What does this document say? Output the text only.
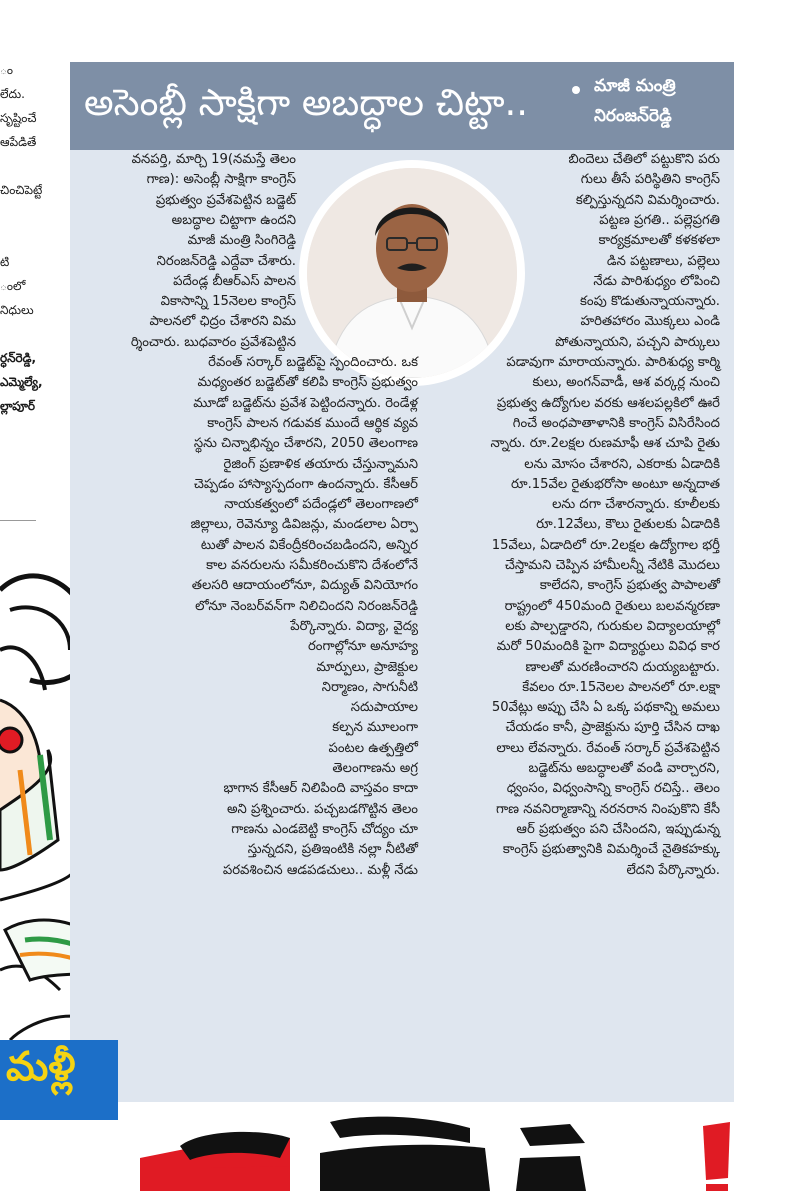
ం
లేదు.
సృష్టించే
ఆపేడితే
చించిపెట్టే
టి
ంలో
నిధులు
ర్ధన్‌రెడ్డి,
ఎమ్మెల్యే,
ల్లాపూర్
అసెంబ్లీ సాక్షిగా అబద్ధాల చిట్టా..	మాజీ మంత్రి
నిరంజన్‌రెడ్డి
వనపర్తి, మార్చి 19(నమస్తే తెలం
గాణ): అసెంబ్లీ సాక్షిగా కాంగ్రెస్
ప్రభుత్వం ప్రవేశపెట్టిన బడ్జెట్
అబద్ధాల చిట్టాగా ఉందని
మాజీ మంత్రి సింగిరెడ్డి
నిరంజన్‌రెడ్డి ఎద్దేవా చేశారు.
పదేండ్ల బీఆర్‌ఎస్ పాలన
వికాసాన్ని 15నెలల కాంగ్రెస్
పాలనలో ఛిద్రం చేశారని విమ
ర్శించారు. బుధవారం ప్రవేశపెట్టిన
రేవంత్ సర్కార్ బడ్జెట్‌పై స్పందించారు. ఒక
మధ్యంతర బడ్జెట్‌తో కలిపి కాంగ్రెస్ ప్రభుత్వం
మూడో బడ్జెట్‌ను ప్రవేశ పెట్టిందన్నారు. రెండేళ్ల
కాంగ్రెస్ పాలన గడువక ముందే ఆర్థిక వ్యవ
స్థను చిన్నాభిన్నం చేశారని, 2050 తెలంగాణ
రైజింగ్ ప్రణాళిక తయారు చేస్తున్నామని
చెప్పడం హాస్యాస్పదంగా ఉందన్నారు. కేసీఆర్
నాయకత్వంలో పదేండ్లలో తెలంగాణలో
జిల్లాలు, రెవెన్యూ డివిజన్లు, మండలాల ఏర్పా
టుతో పాలన వికేంద్రీకరించబడిందని, అన్నిర
కాల వనరులను సమీకరించుకొని దేశంలోనే
తలసరి ఆదాయంలోనూ, విద్యుత్ వినియోగం
లోనూ నెంబర్‌వన్‌గా నిలిచిందని నిరంజన్‌రెడ్డి
పేర్కొన్నారు. విద్యా, వైద్య
రంగాల్లోనూ అనూహ్య
మార్పులు, ప్రాజెక్టుల
నిర్మాణం, సాగునీటి
సదుపాయాల
కల్పన మూలంగా
పంటల ఉత్పత్తిలో
తెలంగాణను అగ్ర
భాగాన కేసీఆర్ నిలిపింది వాస్తవం కాదా
అని ప్రశ్నించారు. పచ్చబడగొట్టిన తెలం
గాణను ఎండబెట్టి కాంగ్రెస్ చోద్యం చూ
స్తున్నదని, ప్రతిఇంటికి నల్లా నీటితో
పరవశించిన ఆడపడచులు.. మళ్లీ నేడు
బిందెలు చేతిలో పట్టుకొని పరు
గులు తీసే పరిస్థితిని కాంగ్రెస్
కల్పిస్తున్నదని విమర్శించారు.
పట్టణ ప్రగతి.. పల్లెప్రగతి
కార్యక్రమాలతో కళకళలా
డిన పట్టణాలు, పల్లెలు
నేడు పారిశుధ్యం లోపించి
కంపు కొడుతున్నాయన్నారు.
హరితహారం మొక్కలు ఎండి
పోతున్నాయని, పచ్చని పార్కులు
పడావుగా మారాయన్నారు. పారిశుధ్య కార్మి
కులు, అంగన్‌వాడీ, ఆశ వర్కర్ల నుంచి
ప్రభుత్వ ఉద్యోగుల వరకు ఆశలపల్లకిలో ఊరే
గించే అంధపాతాళానికి కాంగ్రెస్ విసిరేసింద
న్నారు. రూ.2లక్షల రుణమాఫీ ఆశ చూపి రైతు
లను మోసం చేశారని, ఎకరాకు ఏడాదికి
రూ.15వేల రైతుభరోసా అంటూ అన్నదాత
లను దగా చేశారన్నారు. కూలీలకు
రూ.12వేలు, కౌలు రైతులకు ఏడాదికి
15వేలు, ఏడాదిలో రూ.2లక్షల ఉద్యోగాల భర్తీ
చేస్తామని చెప్పిన హామీలన్నీ నేటికి మొదలు
కాలేదని, కాంగ్రెస్ ప్రభుత్వ పాపాలతో
రాష్ట్రంలో 450మంది రైతులు బలవన్మరణా
లకు పాల్పడ్డారని, గురుకుల విద్యాలయాల్లో
మరో 50మందికి పైగా విద్యార్థులు వివిధ కార
ణాలతో మరణించారని దుయ్యబట్టారు.
కేవలం రూ.15నెలల పాలనలో రూ.లక్షా
50వేట్లు అప్పు చేసి ఏ ఒక్క పథకాన్ని అమలు
చేయడం కానీ, ప్రాజెక్టును పూర్తి చేసిన దాఖ
లాలు లేవన్నారు. రేవంత్ సర్కార్ ప్రవేశపెట్టిన
బడ్జెట్‌ను అబద్ధాలతో వండి వార్చారని,
ధ్వంసం, విధ్వంసాన్ని కాంగ్రెస్ రచిస్తే.. తెలం
గాణ నవనిర్మాణాన్ని నరనరాన నింపుకొని కేసీ
ఆర్ ప్రభుత్వం పని చేసిందని, ఇప్పుడున్న
కాంగ్రెస్ ప్రభుత్వానికి విమర్శించే నైతికహక్కు
లేదని పేర్కొన్నారు.
మళ్లీ
